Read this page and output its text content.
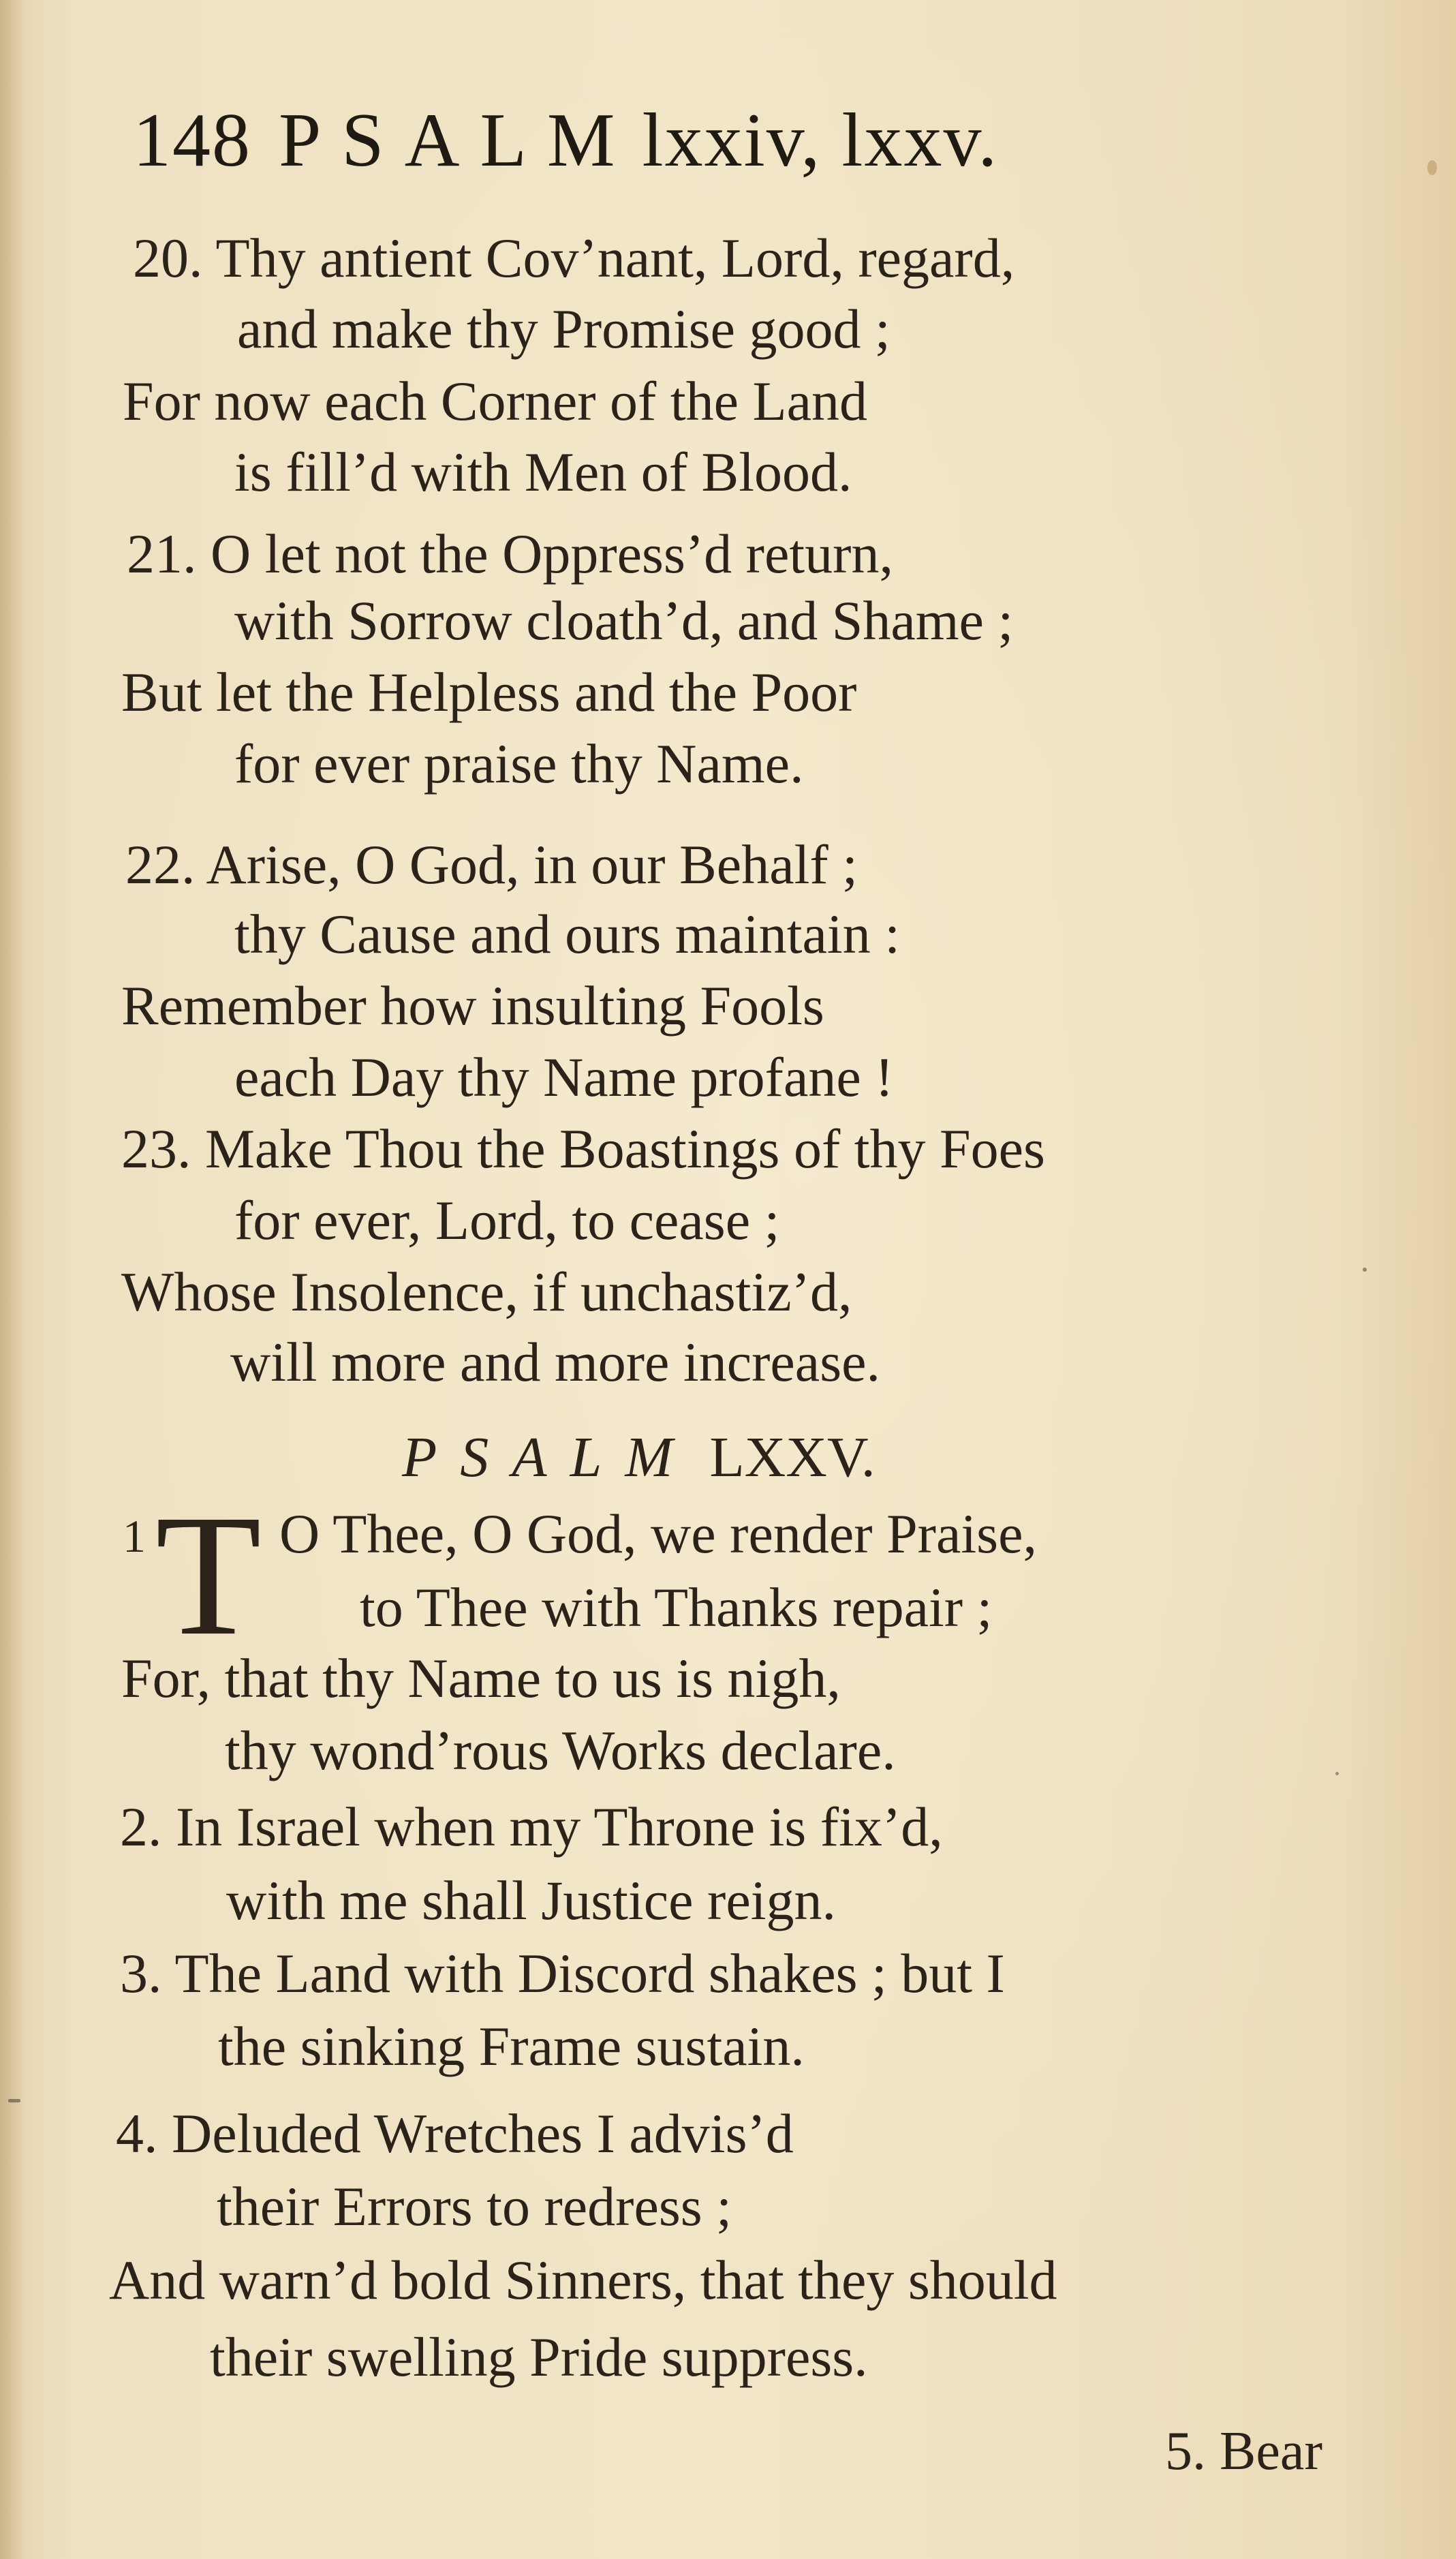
148 PSALMlxxiv, lxxv.
20. Thy antient Cov’nant, Lord, regard,
and make thy Promise good ;
For now each Corner of the Land
is fill’d with Men of Blood.
21. O let not the Oppress’d return,
with Sorrow cloath’d, and Shame ;
But let the Helpless and the Poor
for ever praise thy Name.
22. Arise, O God, in our Behalf ;
thy Cause and ours maintain :
Remember how insulting Fools
each Day thy Name profane !
23. Make Thou the Boastings of thy Foes
for ever, Lord, to cease ;
Whose Insolence, if unchastiz’d,
will more and more increase.
1 O Thee, O God, we render Praise,
to Thee with Thanks repair ;
For, that thy Name to us is nigh,
thy wond’rous Works declare.
2. In Israel when my Throne is fix’d,
with me shall Justice reign.
3. The Land with Discord shakes ; but I
the sinking Frame sustain.
4. Deluded Wretches I advis’d
their Errors to redress ;
And warn’d bold Sinners, that they should
their swelling Pride suppress.
PSALM LXXV.
T
5. Bear
